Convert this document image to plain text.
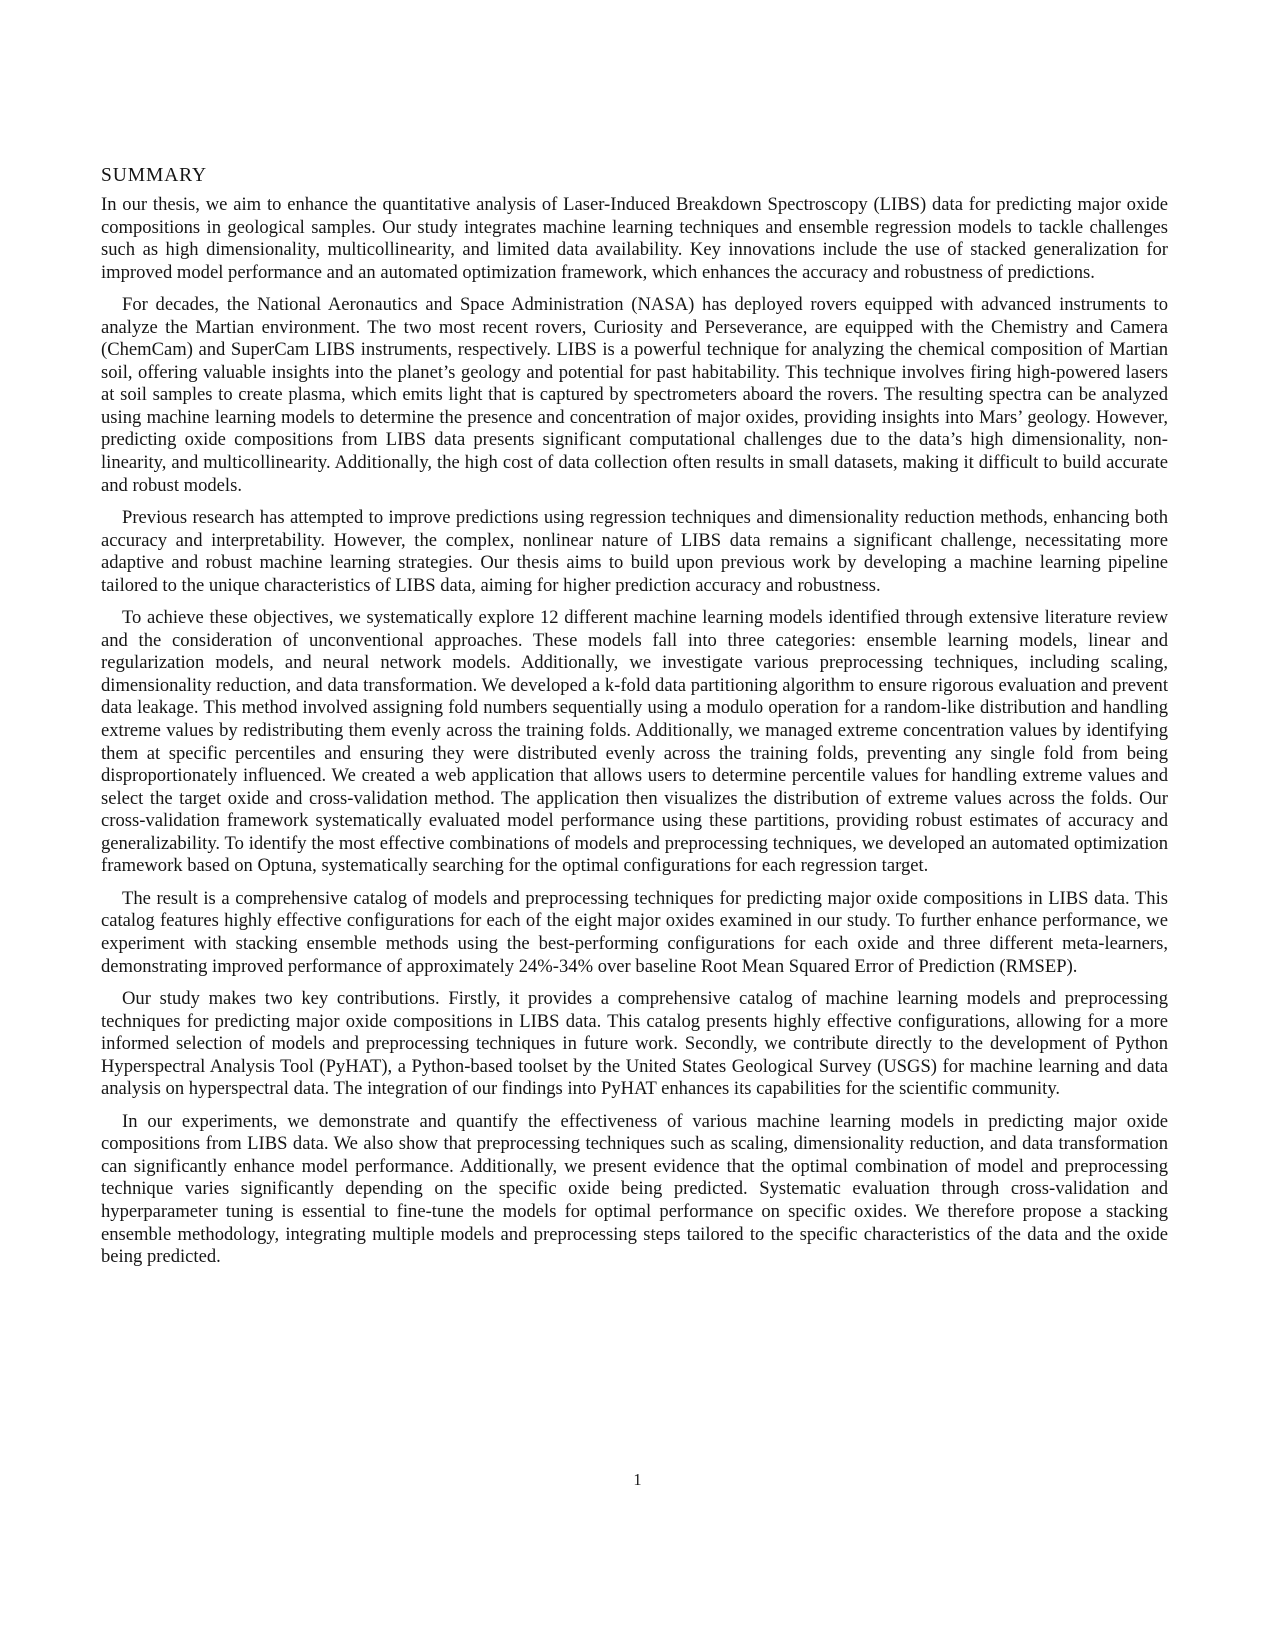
SUMMARY

In our thesis, we aim to enhance the quantitative analysis of Laser-Induced Breakdown Spectroscopy (LIBS) data for predicting major oxide compositions in geological samples. Our study integrates machine learning techniques and ensemble regression models to tackle challenges such as high dimensionality, multicollinearity, and limited data availability. Key innovations include the use of stacked generalization for improved model performance and an automated optimization framework, which enhances the accuracy and robustness of predictions.

For decades, the National Aeronautics and Space Administration (NASA) has deployed rovers equipped with advanced instruments to analyze the Martian environment. The two most recent rovers, Curiosity and Perseverance, are equipped with the Chemistry and Camera (ChemCam) and SuperCam LIBS instruments, respectively. LIBS is a powerful technique for analyzing the chemical composition of Martian soil, offering valuable insights into the planet’s geology and potential for past habitability. This technique involves firing high-powered lasers at soil samples to create plasma, which emits light that is captured by spectrometers aboard the rovers. The resulting spectra can be analyzed using machine learning models to determine the presence and concentration of major oxides, providing insights into Mars’ geology. However, predicting oxide compositions from LIBS data presents significant computational challenges due to the data’s high dimensionality, non-linearity, and multicollinearity. Additionally, the high cost of data collection often results in small datasets, making it difficult to build accurate and robust models.

Previous research has attempted to improve predictions using regression techniques and dimensionality reduction methods, enhancing both accuracy and interpretability. However, the complex, nonlinear nature of LIBS data remains a significant challenge, necessitating more adaptive and robust machine learning strategies. Our thesis aims to build upon previous work by developing a machine learning pipeline tailored to the unique characteristics of LIBS data, aiming for higher prediction accuracy and robustness.

To achieve these objectives, we systematically explore 12 different machine learning models identified through extensive literature review and the consideration of unconventional approaches. These models fall into three categories: ensemble learning models, linear and regularization models, and neural network models. Additionally, we investigate various preprocessing techniques, including scaling, dimensionality reduction, and data transformation. We developed a k-fold data partitioning algorithm to ensure rigorous evaluation and prevent data leakage. This method involved assigning fold numbers sequentially using a modulo operation for a random-like distribution and handling extreme values by redistributing them evenly across the training folds. Additionally, we managed extreme concentration values by identifying them at specific percentiles and ensuring they were distributed evenly across the training folds, preventing any single fold from being disproportionately influenced. We created a web application that allows users to determine percentile values for handling extreme values and select the target oxide and cross-validation method. The application then visualizes the distribution of extreme values across the folds. Our cross-validation framework systematically evaluated model performance using these partitions, providing robust estimates of accuracy and generalizability. To identify the most effective combinations of models and preprocessing techniques, we developed an automated optimization framework based on Optuna, systematically searching for the optimal configurations for each regression target.

The result is a comprehensive catalog of models and preprocessing techniques for predicting major oxide compositions in LIBS data. This catalog features highly effective configurations for each of the eight major oxides examined in our study. To further enhance performance, we experiment with stacking ensemble methods using the best-performing configurations for each oxide and three different meta-learners, demonstrating improved performance of approximately 24%-34% over baseline Root Mean Squared Error of Prediction (RMSEP).

Our study makes two key contributions. Firstly, it provides a comprehensive catalog of machine learning models and preprocessing techniques for predicting major oxide compositions in LIBS data. This catalog presents highly effective configurations, allowing for a more informed selection of models and preprocessing techniques in future work. Secondly, we contribute directly to the development of Python Hyperspectral Analysis Tool (PyHAT), a Python-based toolset by the United States Geological Survey (USGS) for machine learning and data analysis on hyperspectral data. The integration of our findings into PyHAT enhances its capabilities for the scientific community.

In our experiments, we demonstrate and quantify the effectiveness of various machine learning models in predicting major oxide compositions from LIBS data. We also show that preprocessing techniques such as scaling, dimensionality reduction, and data transformation can significantly enhance model performance. Additionally, we present evidence that the optimal combination of model and preprocessing technique varies significantly depending on the specific oxide being predicted. Systematic evaluation through cross-validation and hyperparameter tuning is essential to fine-tune the models for optimal performance on specific oxides. We therefore propose a stacking ensemble methodology, integrating multiple models and preprocessing steps tailored to the specific characteristics of the data and the oxide being predicted.

1
